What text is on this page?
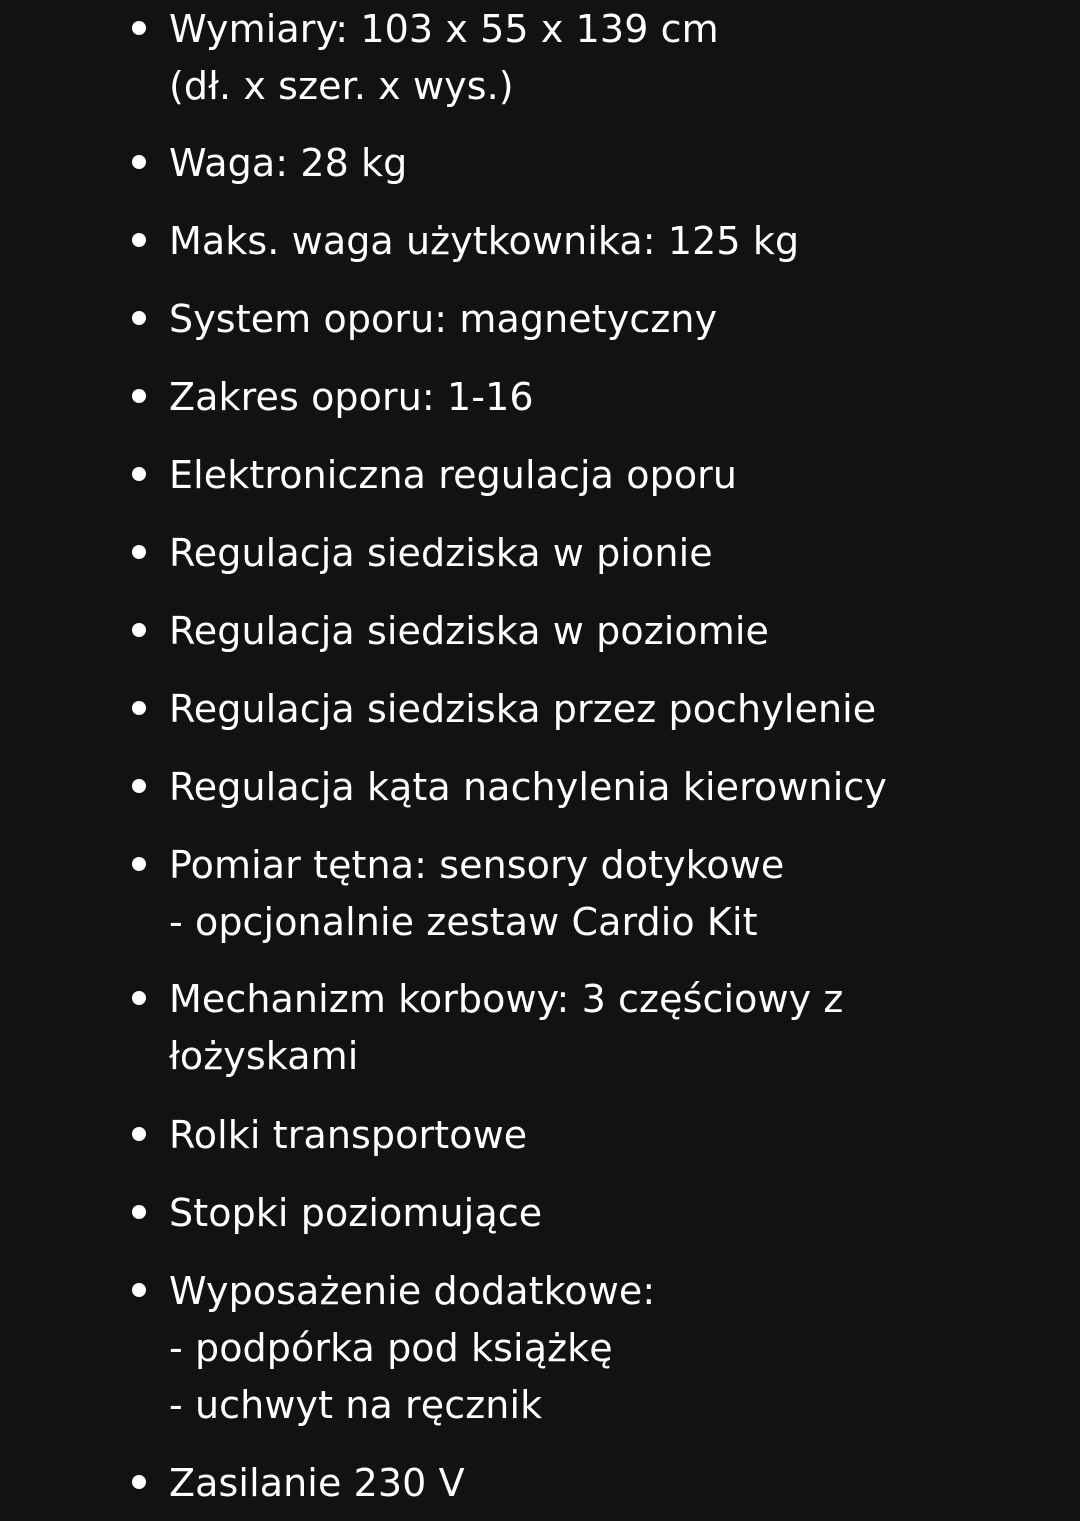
Wymiary: 103 x 55 x 139 cm
(dł. x szer. x wys.)
Waga: 28 kg
Maks. waga użytkownika: 125 kg
System oporu: magnetyczny
Zakres oporu: 1-16
Elektroniczna regulacja oporu
Regulacja siedziska w pionie
Regulacja siedziska w poziomie
Regulacja siedziska przez pochylenie
Regulacja kąta nachylenia kierownicy
Pomiar tętna: sensory dotykowe
- opcjonalnie zestaw Cardio Kit
Mechanizm korbowy: 3 częściowy z
łożyskami
Rolki transportowe
Stopki poziomujące
Wyposażenie dodatkowe:
- podpórka pod książkę
- uchwyt na ręcznik
Zasilanie 230 V
